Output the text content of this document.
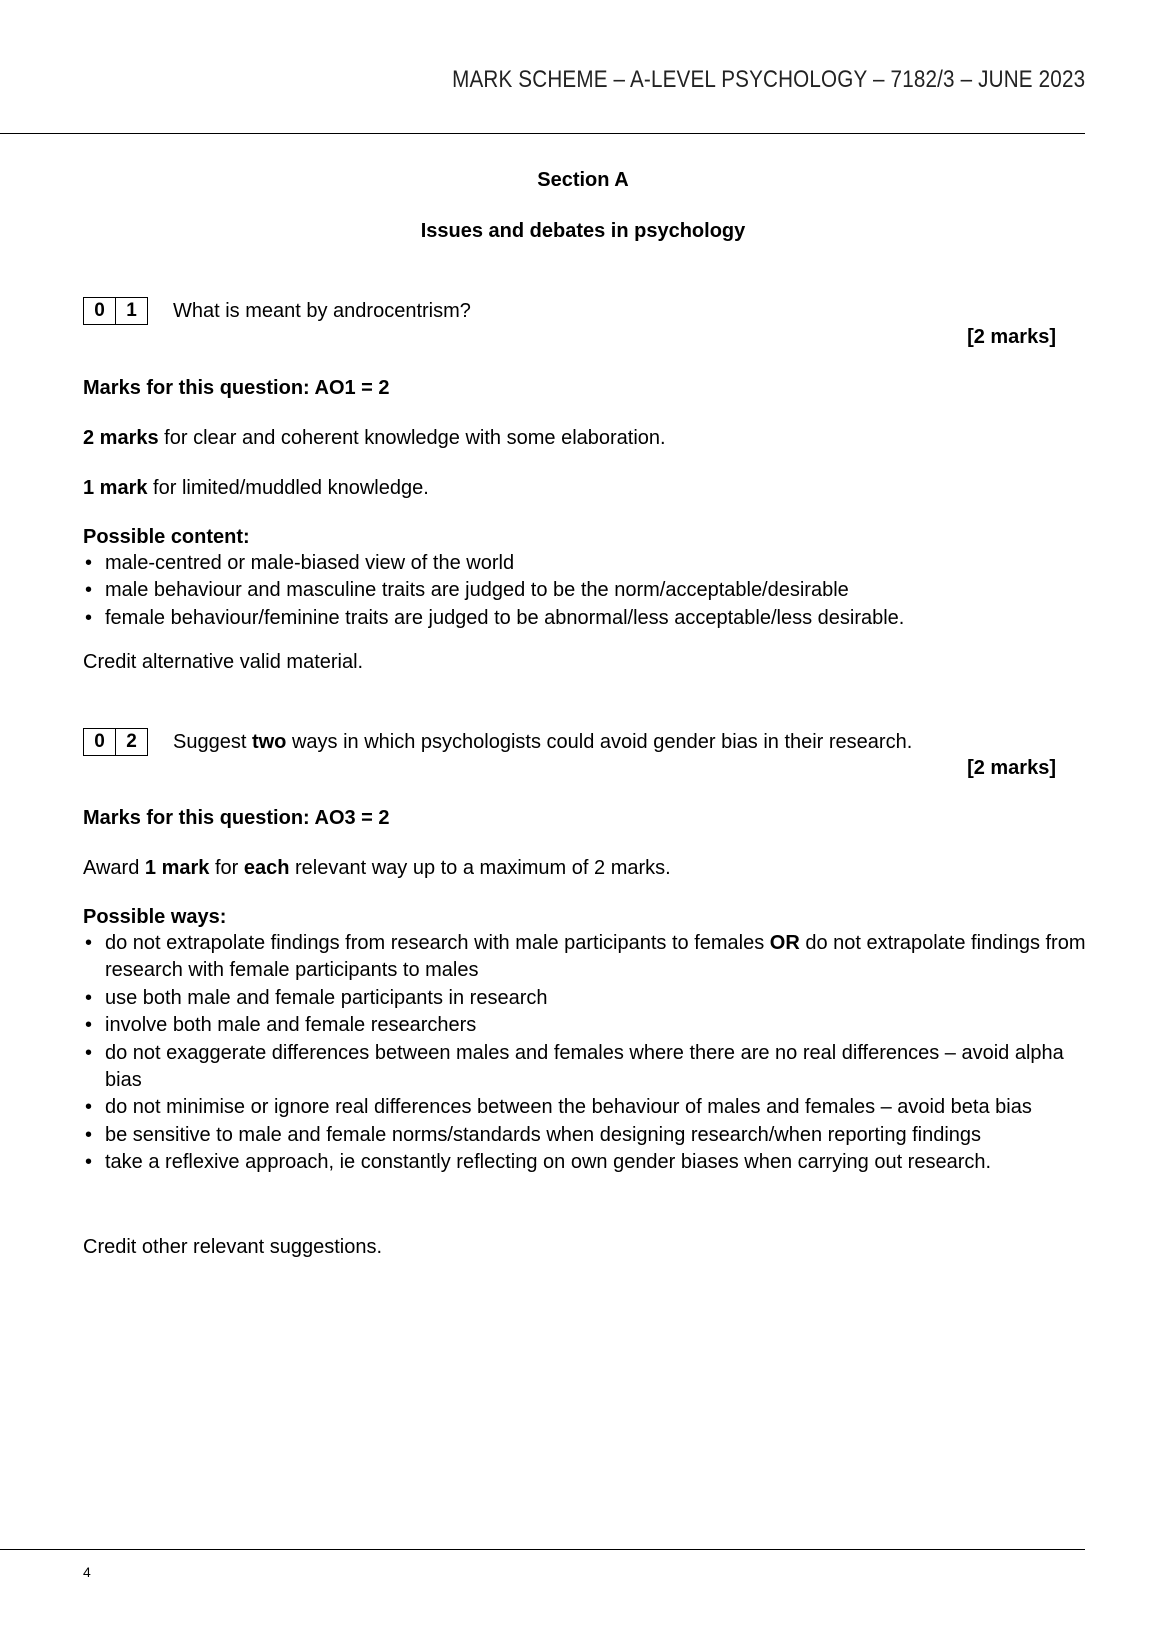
MARK SCHEME – A-LEVEL PSYCHOLOGY – 7182/3 – JUNE 2023
Section A
Issues and debates in psychology
0	1	What is meant by androcentrism?
[2 marks]
Marks for this question: AO1 = 2
2 marks for clear and coherent knowledge with some elaboration.
1 mark for limited/muddled knowledge.
Possible content:
• male-centred or male-biased view of the world
• male behaviour and masculine traits are judged to be the norm/acceptable/desirable
• female behaviour/feminine traits are judged to be abnormal/less acceptable/less desirable.
Credit alternative valid material.
0	2	Suggest two ways in which psychologists could avoid gender bias in their research.
[2 marks]
Marks for this question: AO3 = 2
Award 1 mark for each relevant way up to a maximum of 2 marks.
Possible ways:
• do not extrapolate findings from research with male participants to females OR do not extrapolate findings from research with female participants to males
• use both male and female participants in research
• involve both male and female researchers
• do not exaggerate differences between males and females where there are no real differences – avoid alpha bias
• do not minimise or ignore real differences between the behaviour of males and females – avoid beta bias
• be sensitive to male and female norms/standards when designing research/when reporting findings
• take a reflexive approach, ie constantly reflecting on own gender biases when carrying out research.
Credit other relevant suggestions.
4
